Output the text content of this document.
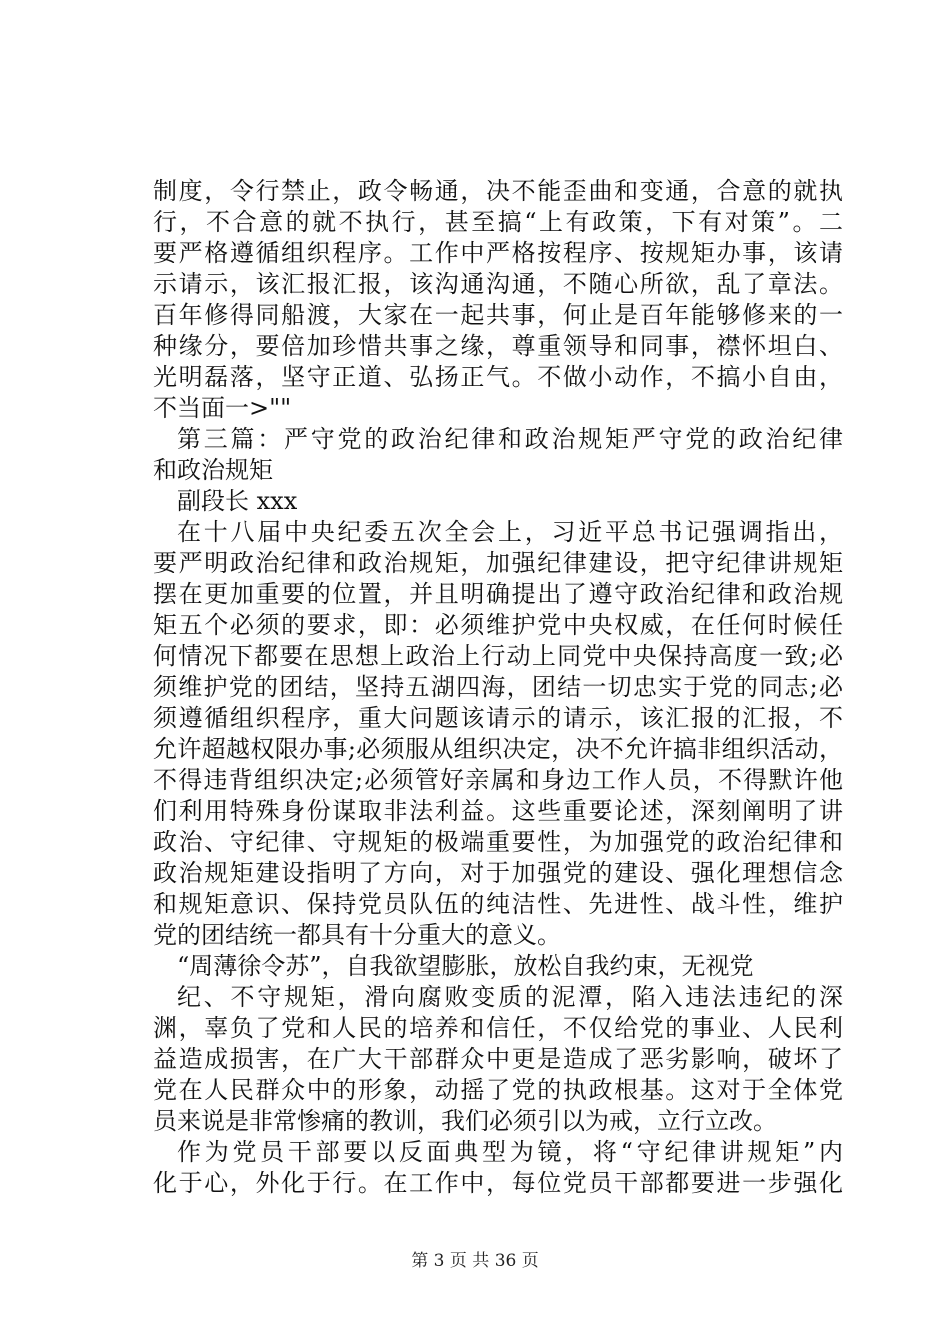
制度，令行禁止，政令畅通，决不能歪曲和变通，合意的就执
行，不合意的就不执行，甚至搞“上有政策，下有对策”。二
要严格遵循组织程序。工作中严格按程序、按规矩办事，该请
示请示，该汇报汇报，该沟通沟通，不随心所欲，乱了章法。
百年修得同船渡，大家在一起共事，何止是百年能够修来的一
种缘分，要倍加珍惜共事之缘，尊重领导和同事，襟怀坦白、
光明磊落，坚守正道、弘扬正气。不做小动作，不搞小自由，
不当面一>""
第三篇：严守党的政治纪律和政治规矩严守党的政治纪律
和政治规矩
副段长 xxx
在十八届中央纪委五次全会上，习近平总书记强调指出，
要严明政治纪律和政治规矩，加强纪律建设，把守纪律讲规矩
摆在更加重要的位置，并且明确提出了遵守政治纪律和政治规
矩五个必须的要求，即：必须维护党中央权威，在任何时候任
何情况下都要在思想上政治上行动上同党中央保持高度一致;必
须维护党的团结，坚持五湖四海，团结一切忠实于党的同志;必
须遵循组织程序，重大问题该请示的请示，该汇报的汇报，不
允许超越权限办事;必须服从组织决定，决不允许搞非组织活动，
不得违背组织决定;必须管好亲属和身边工作人员，不得默许他
们利用特殊身份谋取非法利益。这些重要论述，深刻阐明了讲
政治、守纪律、守规矩的极端重要性，为加强党的政治纪律和
政治规矩建设指明了方向，对于加强党的建设、强化理想信念
和规矩意识、保持党员队伍的纯洁性、先进性、战斗性，维护
党的团结统一都具有十分重大的意义。
“周薄徐令苏”，自我欲望膨胀，放松自我约束，无视党
纪、不守规矩，滑向腐败变质的泥潭，陷入违法违纪的深
渊，辜负了党和人民的培养和信任，不仅给党的事业、人民利
益造成损害，在广大干部群众中更是造成了恶劣影响，破坏了
党在人民群众中的形象，动摇了党的执政根基。这对于全体党
员来说是非常惨痛的教训，我们必须引以为戒，立行立改。
作为党员干部要以反面典型为镜，将“守纪律讲规矩”内
化于心，外化于行。在工作中，每位党员干部都要进一步强化
第 3 页 共 36 页
